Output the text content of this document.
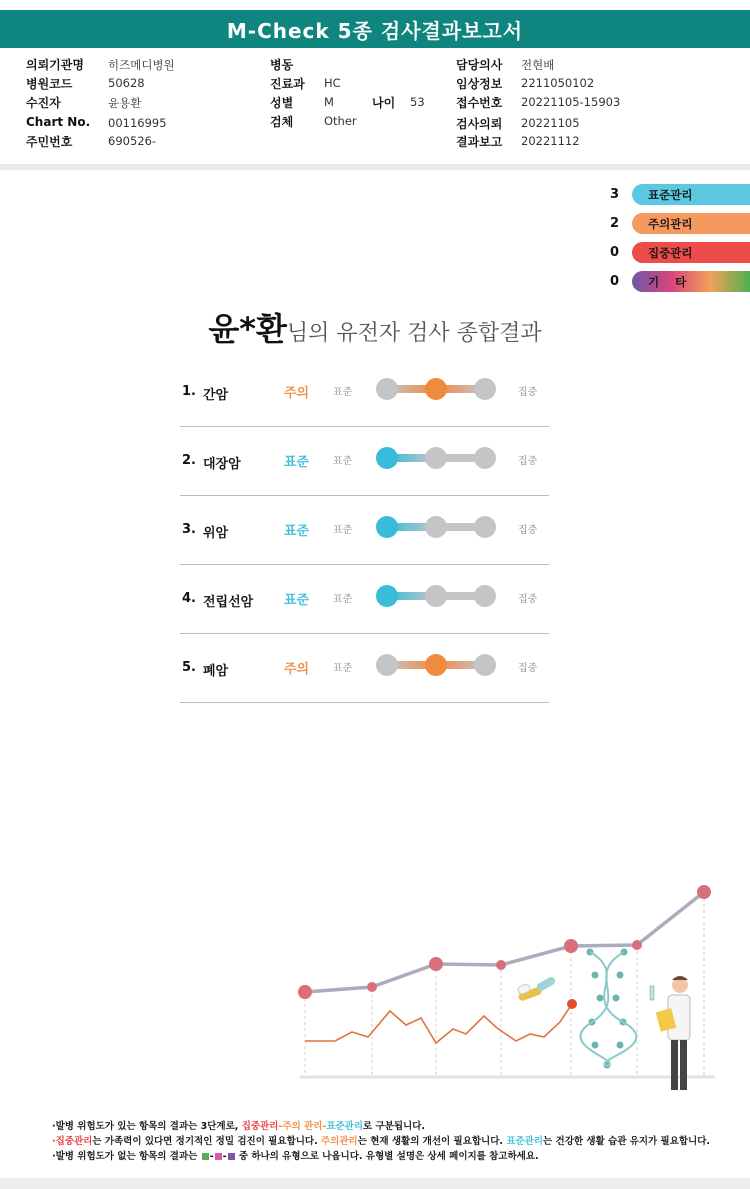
M-Check 5종 검사결과보고서
의뢰기관명 히즈메디병원
병원코드	50628
수진자	윤용환
Chart No. 00116995
주민번호	690526-
병동
진료과 HC
성별	M	나이 53
검체	Other
담당의사 전현배
임상정보 2211050102
접수번호 20221105-15903
검사의뢰 20221105
결과보고 20221112
3	표준관리
2	주의관리
0	집중관리
0	기    타
윤*환님의 유전자 검사 종합결과
1. 간암	주의 표준	집중
2. 대장암	표준 표준	집중
3. 위암	표준 표준	집중
4. 전립선암 표준 표준	집중
5. 폐암	주의 표준	집중
·발병 위험도가 있는 항목의 결과는 3단계로, 집중관리-주의 관리-표준관리로 구분됩니다.
·집중관리는 가족력이 있다면 정기적인 정밀 검진이 필요합니다. 주의관리는 현재 생활의 개선이 필요합니다. 표준관리는 건강한 생활 습관 유지가 필요합니다.
·발병 위험도가 없는 항목의 결과는 - - 중 하나의 유형으로 나옵니다. 유형별 설명은 상세 페이지를 참고하세요.
